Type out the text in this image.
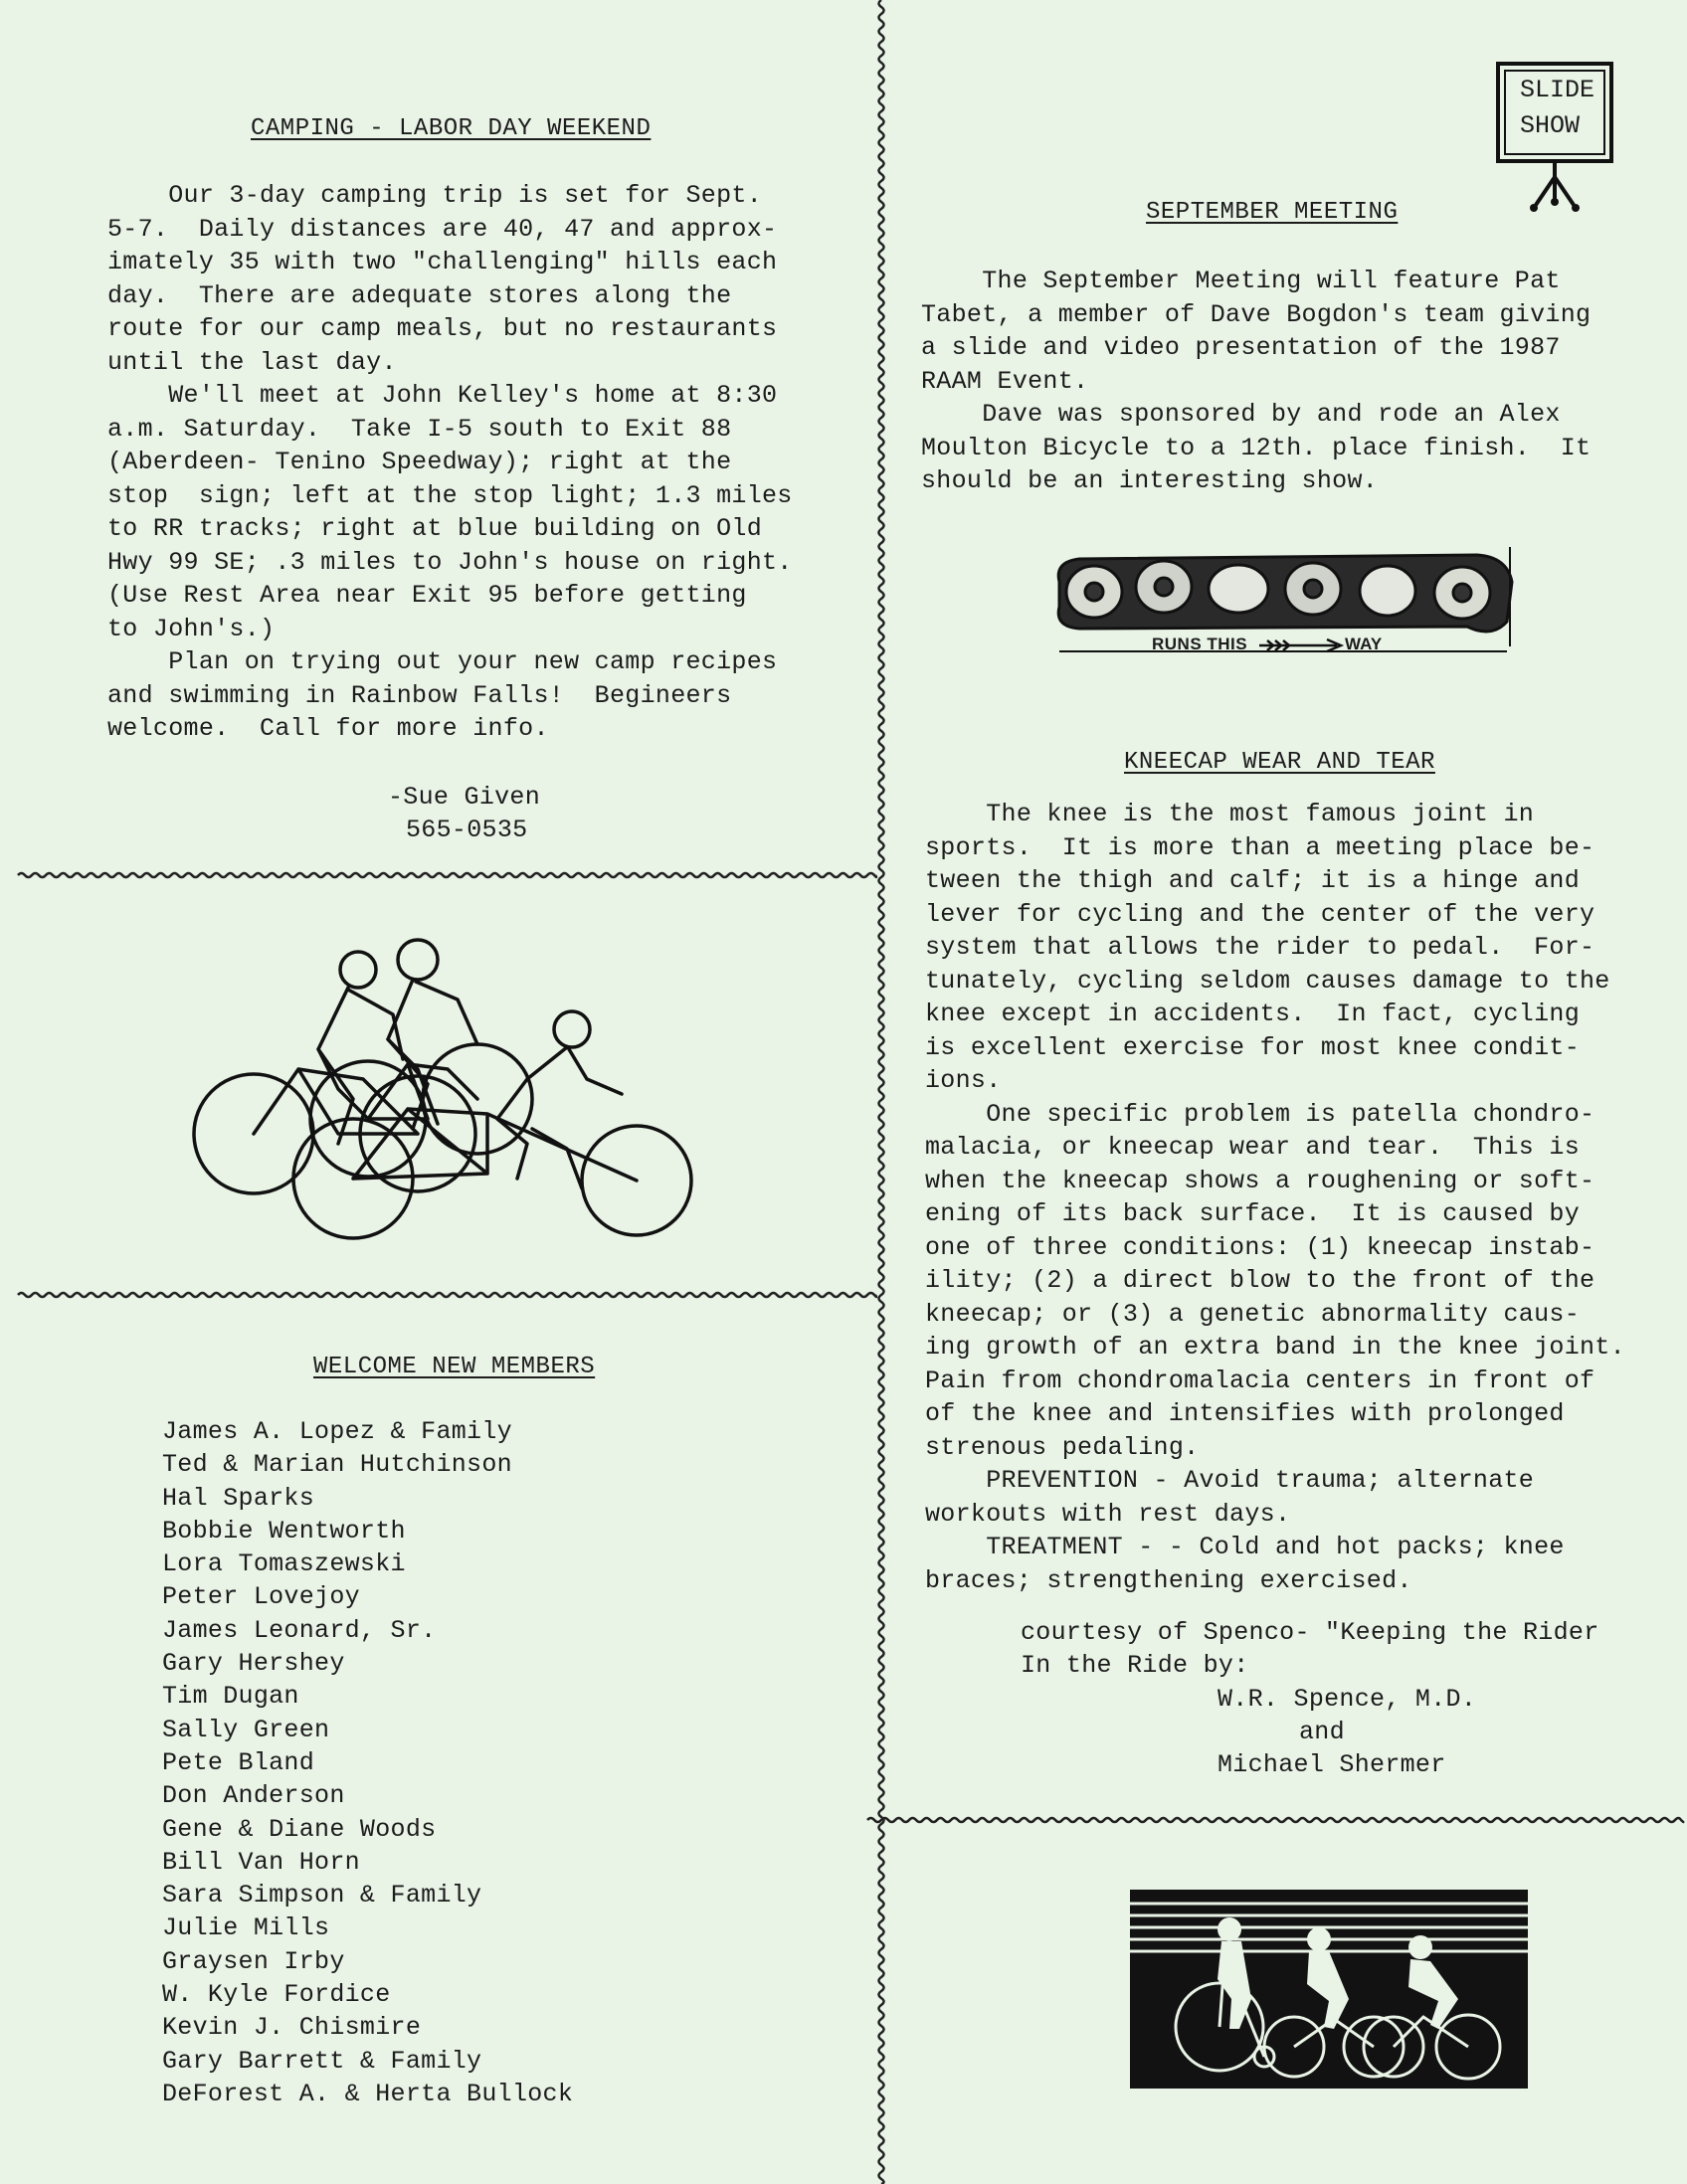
CAMPING - LABOR DAY WEEKEND
Our 3-day camping trip is set for Sept.
5-7.  Daily distances are 40, 47 and approx-
imately 35 with two "challenging" hills each
day.  There are adequate stores along the
route for our camp meals, but no restaurants
until the last day.
We'll meet at John Kelley's home at 8:30
a.m. Saturday.  Take I-5 south to Exit 88
(Aberdeen- Tenino Speedway); right at the
stop  sign; left at the stop light; 1.3 miles
to RR tracks; right at blue building on Old
Hwy 99 SE; .3 miles to John's house on right.
(Use Rest Area near Exit 95 before getting
to John's.)
Plan on trying out your new camp recipes
and swimming in Rainbow Falls!  Begineers
welcome.  Call for more info.
-Sue Given
565-0535
WELCOME NEW MEMBERS
James A. Lopez & Family
Ted & Marian Hutchinson
Hal Sparks
Bobbie Wentworth
Lora Tomaszewski
Peter Lovejoy
James Leonard, Sr.
Gary Hershey
Tim Dugan
Sally Green
Pete Bland
Don Anderson
Gene & Diane Woods
Bill Van Horn
Sara Simpson & Family
Julie Mills
Graysen Irby
W. Kyle Fordice
Kevin J. Chismire
Gary Barrett & Family
DeForest A. & Herta Bullock
SLIDE
SHOW
SEPTEMBER MEETING
The September Meeting will feature Pat
Tabet, a member of Dave Bogdon's team giving
a slide and video presentation of the 1987
RAAM Event.
Dave was sponsored by and rode an Alex
Moulton Bicycle to a 12th. place finish.  It
should be an interesting show.
RUNS THIS	WAY
KNEECAP WEAR AND TEAR
The knee is the most famous joint in
sports.  It is more than a meeting place be-
tween the thigh and calf; it is a hinge and
lever for cycling and the center of the very
system that allows the rider to pedal.  For-
tunately, cycling seldom causes damage to the
knee except in accidents.  In fact, cycling
is excellent exercise for most knee condit-
ions.
One specific problem is patella chondro-
malacia, or kneecap wear and tear.  This is
when the kneecap shows a roughening or soft-
ening of its back surface.  It is caused by
one of three conditions: (1) kneecap instab-
ility; (2) a direct blow to the front of the
kneecap; or (3) a genetic abnormality caus-
ing growth of an extra band in the knee joint.
Pain from chondromalacia centers in front of
of the knee and intensifies with prolonged
strenous pedaling.
PREVENTION - Avoid trauma; alternate
workouts with rest days.
TREATMENT - - Cold and hot packs; knee
braces; strengthening exercised.
courtesy of Spenco- "Keeping the Rider
In the Ride by:
W.R. Spence, M.D.
and
Michael Shermer
